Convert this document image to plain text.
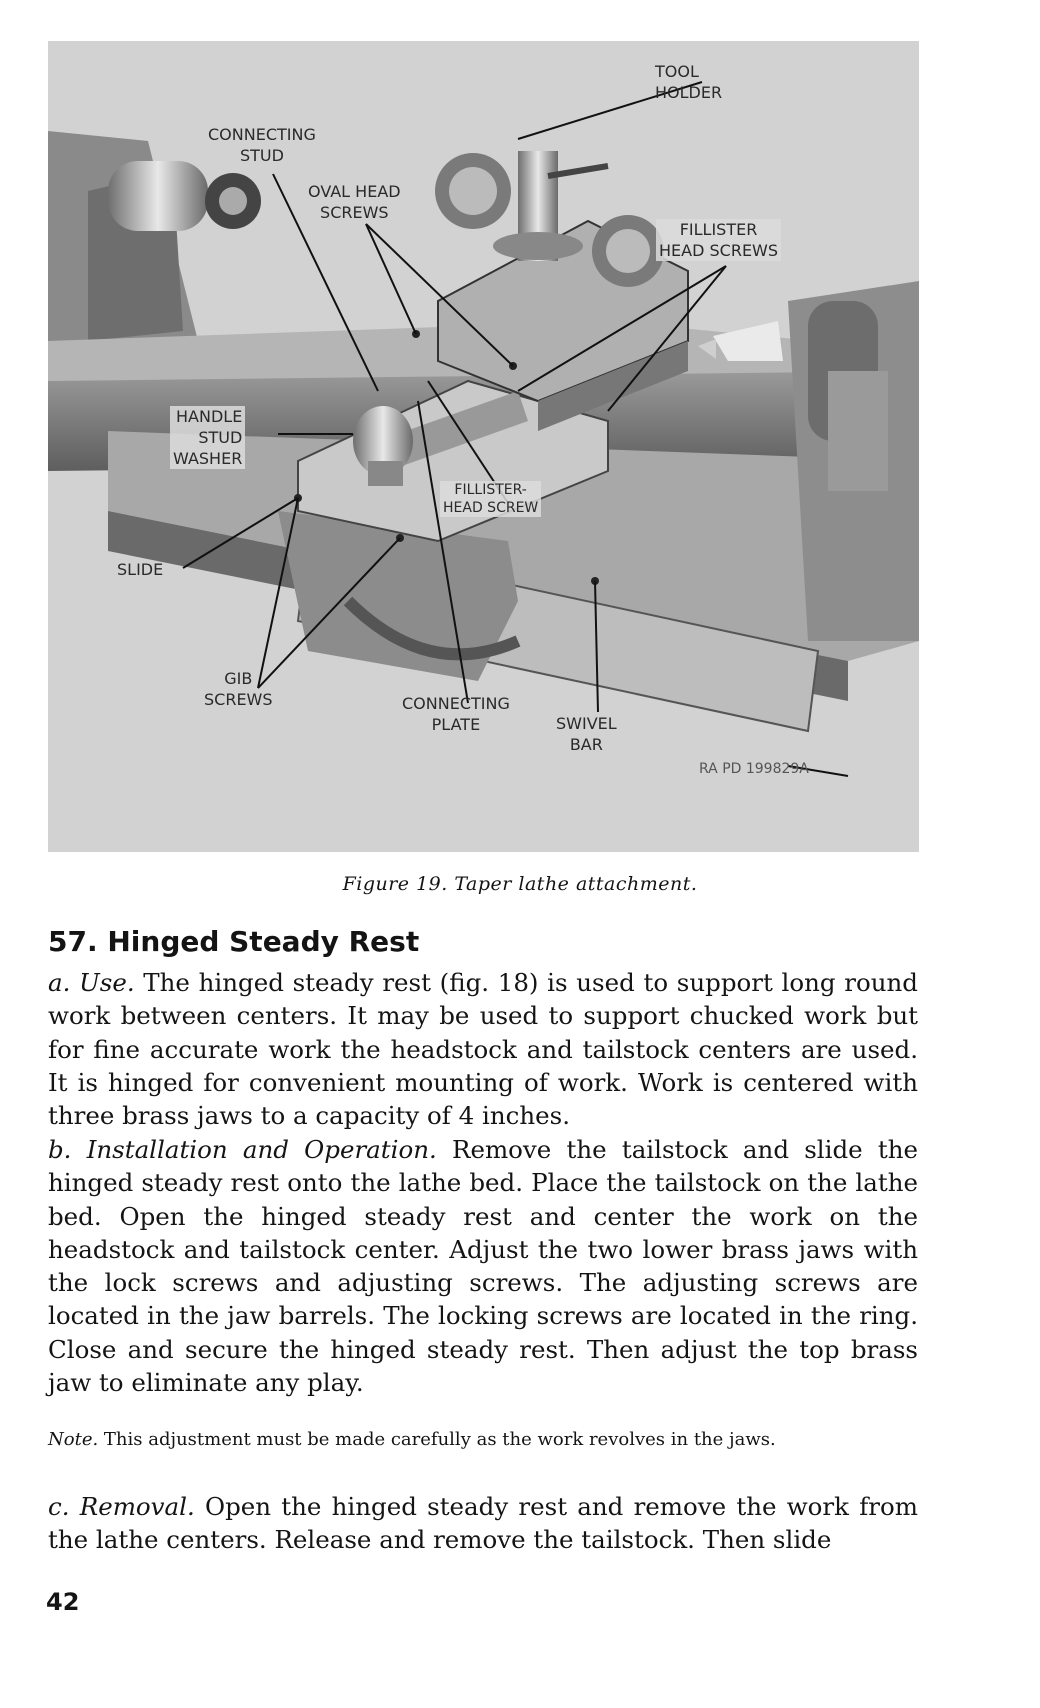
TOOL
HOLDER
CONNECTING
STUD
OVAL HEAD
SCREWS
FILLISTER
HEAD SCREWS
HANDLE
STUD
WASHER
FILLISTER-
HEAD SCREW
SLIDE
GIB
SCREWS	CONNECTING
PLATE	SWIVEL
BAR
RA PD 199829A
Figure 19. Taper lathe attachment.
57. Hinged Steady Rest
a. Use. The hinged steady rest (fig. 18) is used to support long round work between centers. It may be used to support chucked work but for fine accurate work the headstock and tailstock centers are used. It is hinged for convenient mounting of work. Work is centered with three brass jaws to a capacity of 4 inches.
b. Installation and Operation. Remove the tailstock and slide the hinged steady rest onto the lathe bed. Place the tailstock on the lathe bed. Open the hinged steady rest and center the work on the headstock and tailstock center. Adjust the two lower brass jaws with the lock screws and adjusting screws. The adjusting screws are located in the jaw barrels. The locking screws are located in the ring. Close and secure the hinged steady rest. Then adjust the top brass jaw to eliminate any play.
Note. This adjustment must be made carefully as the work revolves in the jaws.
c. Removal. Open the hinged steady rest and remove the work from the lathe centers. Release and remove the tailstock. Then slide
42
